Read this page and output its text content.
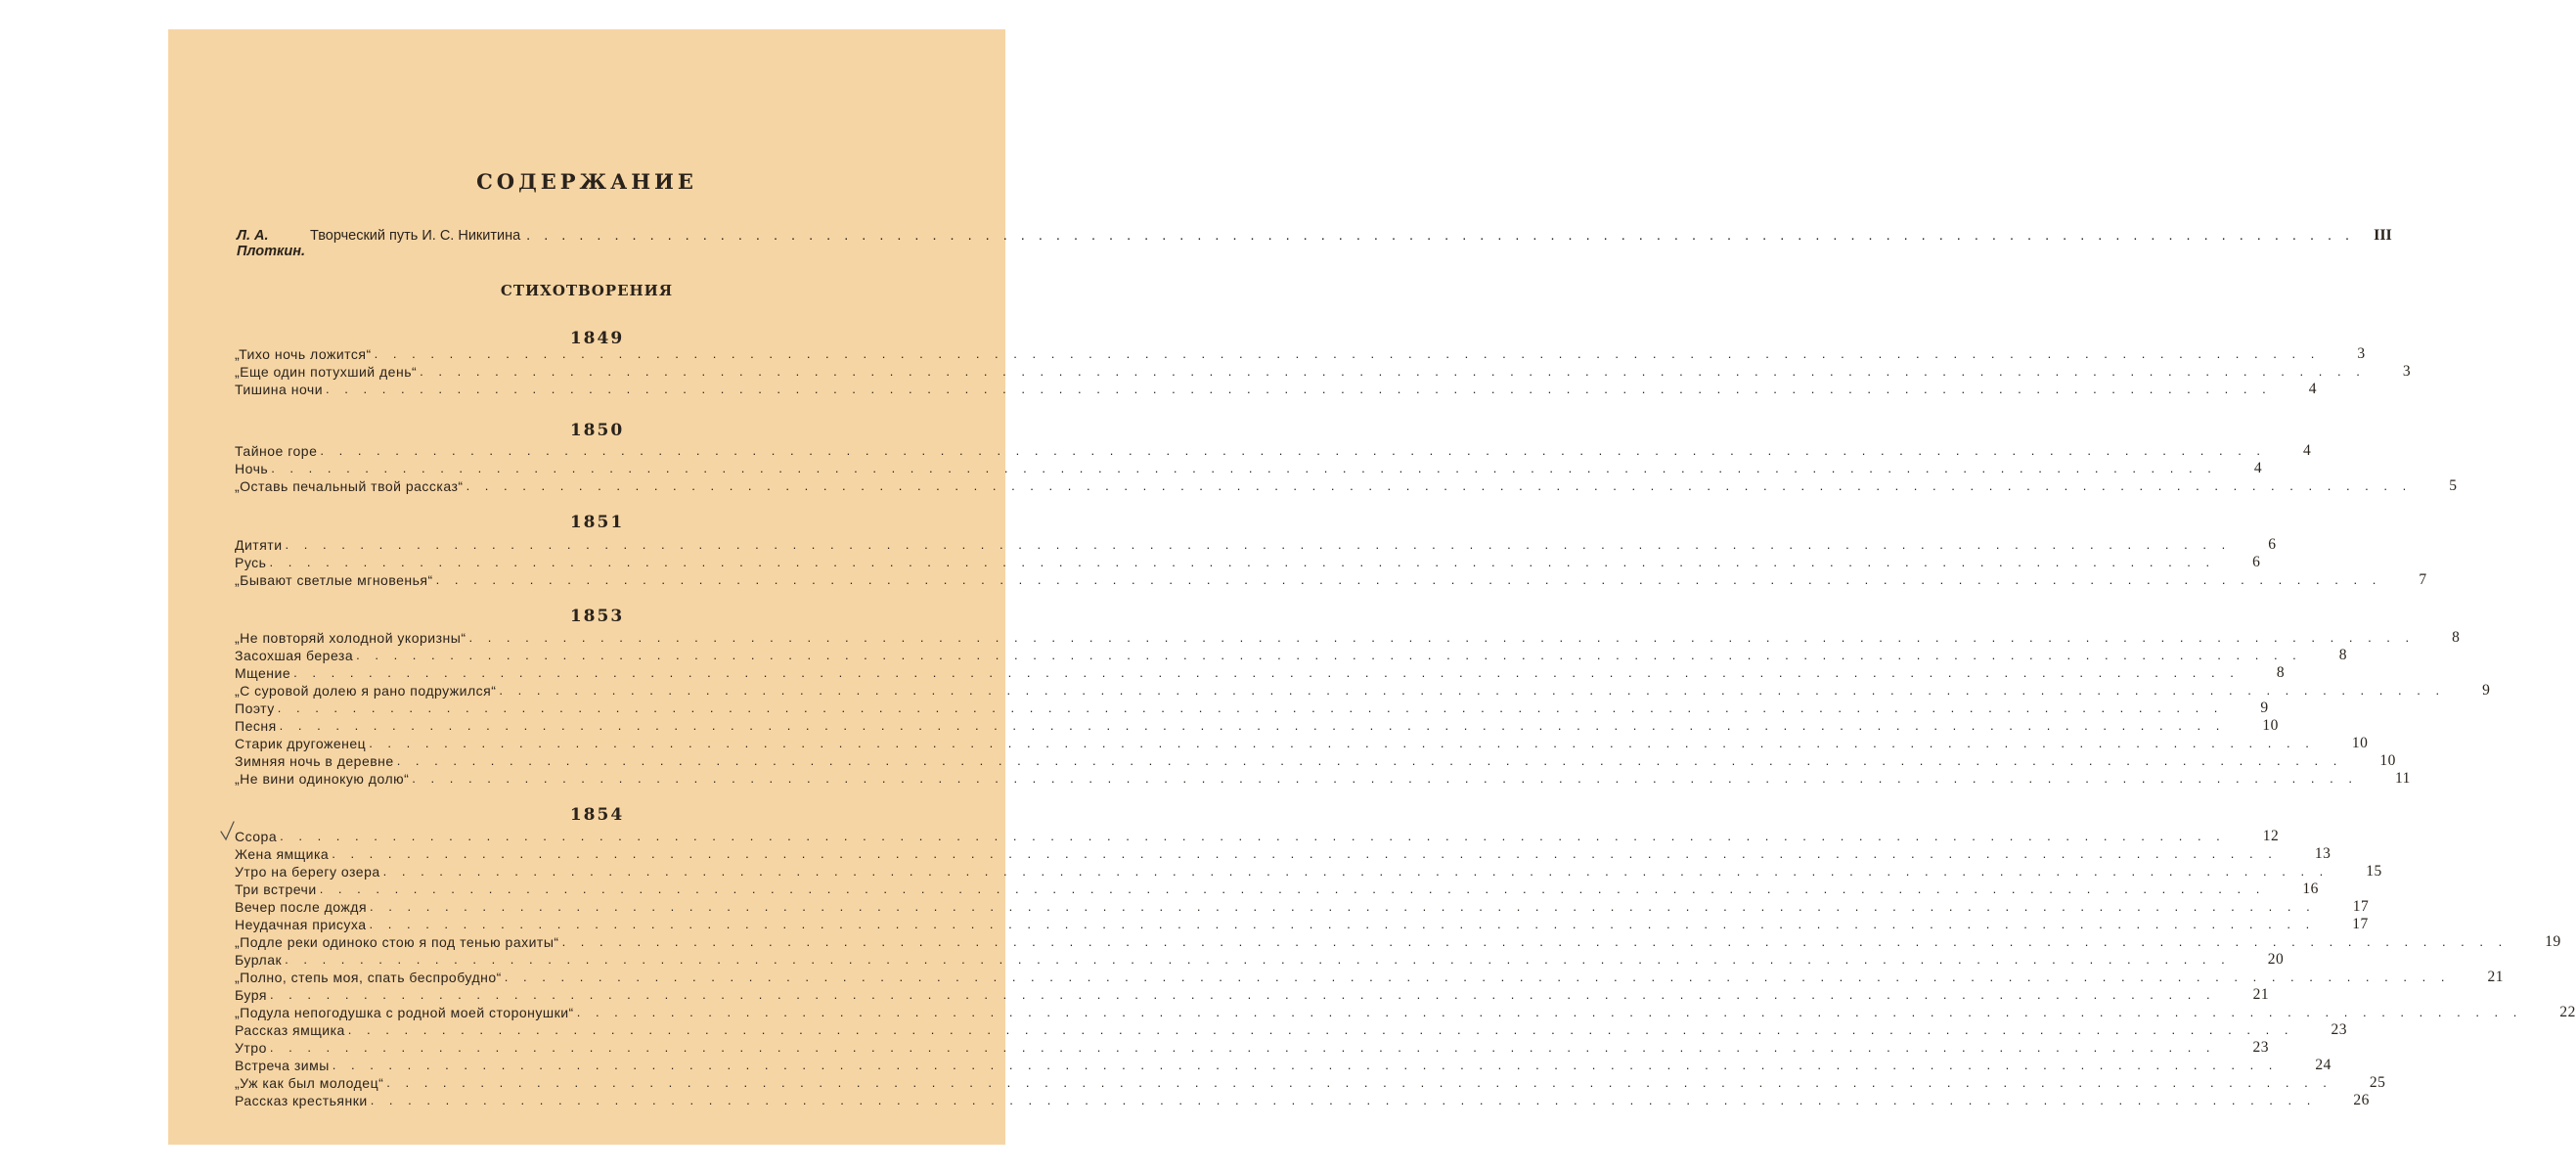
СОДЕРЖАНИЕ
Л. А. Плоткин.
Творческий путь И. С. Никитина . . . . . . . . . . . . . . . . . . . . . . . . . . . . . . . . . . . . . . . . . . . . . . . . . . . . . . . . . . . . . . . . . . . . . . . . . . . . . . . . . . . . . . . . . . . . . . . . . . . . . . . . III
СТИХОТВОРЕНИЯ
1849
„Тихо ночь ложится“ . . . . . . . . . . . . . . . . . . . . . . . . . . . . . . . . . . . . . . . . . . . . . . . . . . . . . . . . . . . . . . . . . . . . . . . . . . . . . . . . . . . . . . . . . . . . . . . . . . . . . . . . 3
„Еще один потухший день“ . . . . . . . . . . . . . . . . . . . . . . . . . . . . . . . . . . . . . . . . . . . . . . . . . . . . . . . . . . . . . . . . . . . . . . . . . . . . . . . . . . . . . . . . . . . . . . . . . . . . . . . . 3
Тишина ночи . . . . . . . . . . . . . . . . . . . . . . . . . . . . . . . . . . . . . . . . . . . . . . . . . . . . . . . . . . . . . . . . . . . . . . . . . . . . . . . . . . . . . . . . . . . . . . . . . . . . . . . . 4
1850
Тайное горе . . . . . . . . . . . . . . . . . . . . . . . . . . . . . . . . . . . . . . . . . . . . . . . . . . . . . . . . . . . . . . . . . . . . . . . . . . . . . . . . . . . . . . . . . . . . . . . . . . . . . . . . 4
Ночь . . . . . . . . . . . . . . . . . . . . . . . . . . . . . . . . . . . . . . . . . . . . . . . . . . . . . . . . . . . . . . . . . . . . . . . . . . . . . . . . . . . . . . . . . . . . . . . . . . . . . . . . 4
„Оставь печальный твой рассказ“ . . . . . . . . . . . . . . . . . . . . . . . . . . . . . . . . . . . . . . . . . . . . . . . . . . . . . . . . . . . . . . . . . . . . . . . . . . . . . . . . . . . . . . . . . . . . . . . . . . . . . . . . 5
1851
Дитяти . . . . . . . . . . . . . . . . . . . . . . . . . . . . . . . . . . . . . . . . . . . . . . . . . . . . . . . . . . . . . . . . . . . . . . . . . . . . . . . . . . . . . . . . . . . . . . . . . . . . . . . . 6
Русь . . . . . . . . . . . . . . . . . . . . . . . . . . . . . . . . . . . . . . . . . . . . . . . . . . . . . . . . . . . . . . . . . . . . . . . . . . . . . . . . . . . . . . . . . . . . . . . . . . . . . . . . 6
„Бывают светлые мгновенья“ . . . . . . . . . . . . . . . . . . . . . . . . . . . . . . . . . . . . . . . . . . . . . . . . . . . . . . . . . . . . . . . . . . . . . . . . . . . . . . . . . . . . . . . . . . . . . . . . . . . . . . . . 7
1853
„Не повторяй холодной укоризны“ . . . . . . . . . . . . . . . . . . . . . . . . . . . . . . . . . . . . . . . . . . . . . . . . . . . . . . . . . . . . . . . . . . . . . . . . . . . . . . . . . . . . . . . . . . . . . . . . . . . . . . . . 8
Засохшая береза . . . . . . . . . . . . . . . . . . . . . . . . . . . . . . . . . . . . . . . . . . . . . . . . . . . . . . . . . . . . . . . . . . . . . . . . . . . . . . . . . . . . . . . . . . . . . . . . . . . . . . . . 8
Мщение . . . . . . . . . . . . . . . . . . . . . . . . . . . . . . . . . . . . . . . . . . . . . . . . . . . . . . . . . . . . . . . . . . . . . . . . . . . . . . . . . . . . . . . . . . . . . . . . . . . . . . . . 8
„С суровой долею я рано подружился“ . . . . . . . . . . . . . . . . . . . . . . . . . . . . . . . . . . . . . . . . . . . . . . . . . . . . . . . . . . . . . . . . . . . . . . . . . . . . . . . . . . . . . . . . . . . . . . . . . . . . . . . . 9
Поэту . . . . . . . . . . . . . . . . . . . . . . . . . . . . . . . . . . . . . . . . . . . . . . . . . . . . . . . . . . . . . . . . . . . . . . . . . . . . . . . . . . . . . . . . . . . . . . . . . . . . . . . . 9
Песня . . . . . . . . . . . . . . . . . . . . . . . . . . . . . . . . . . . . . . . . . . . . . . . . . . . . . . . . . . . . . . . . . . . . . . . . . . . . . . . . . . . . . . . . . . . . . . . . . . . . . . . . 10
Старик другоженец . . . . . . . . . . . . . . . . . . . . . . . . . . . . . . . . . . . . . . . . . . . . . . . . . . . . . . . . . . . . . . . . . . . . . . . . . . . . . . . . . . . . . . . . . . . . . . . . . . . . . . . . 10
Зимняя ночь в деревне . . . . . . . . . . . . . . . . . . . . . . . . . . . . . . . . . . . . . . . . . . . . . . . . . . . . . . . . . . . . . . . . . . . . . . . . . . . . . . . . . . . . . . . . . . . . . . . . . . . . . . . . 10
„Не вини одинокую долю“ . . . . . . . . . . . . . . . . . . . . . . . . . . . . . . . . . . . . . . . . . . . . . . . . . . . . . . . . . . . . . . . . . . . . . . . . . . . . . . . . . . . . . . . . . . . . . . . . . . . . . . . . 11
1854
Ссора . . . . . . . . . . . . . . . . . . . . . . . . . . . . . . . . . . . . . . . . . . . . . . . . . . . . . . . . . . . . . . . . . . . . . . . . . . . . . . . . . . . . . . . . . . . . . . . . . . . . . . . . 12
Жена ямщика . . . . . . . . . . . . . . . . . . . . . . . . . . . . . . . . . . . . . . . . . . . . . . . . . . . . . . . . . . . . . . . . . . . . . . . . . . . . . . . . . . . . . . . . . . . . . . . . . . . . . . . . 13
Утро на берегу озера . . . . . . . . . . . . . . . . . . . . . . . . . . . . . . . . . . . . . . . . . . . . . . . . . . . . . . . . . . . . . . . . . . . . . . . . . . . . . . . . . . . . . . . . . . . . . . . . . . . . . . . . 15
Три встречи . . . . . . . . . . . . . . . . . . . . . . . . . . . . . . . . . . . . . . . . . . . . . . . . . . . . . . . . . . . . . . . . . . . . . . . . . . . . . . . . . . . . . . . . . . . . . . . . . . . . . . . . 16
Вечер после дождя . . . . . . . . . . . . . . . . . . . . . . . . . . . . . . . . . . . . . . . . . . . . . . . . . . . . . . . . . . . . . . . . . . . . . . . . . . . . . . . . . . . . . . . . . . . . . . . . . . . . . . . . 17
Неудачная присуха . . . . . . . . . . . . . . . . . . . . . . . . . . . . . . . . . . . . . . . . . . . . . . . . . . . . . . . . . . . . . . . . . . . . . . . . . . . . . . . . . . . . . . . . . . . . . . . . . . . . . . . . 17
„Подле реки одиноко стою я под тенью рахиты“ . . . . . . . . . . . . . . . . . . . . . . . . . . . . . . . . . . . . . . . . . . . . . . . . . . . . . . . . . . . . . . . . . . . . . . . . . . . . . . . . . . . . . . . . . . . . . . . . . . . . . . . . 19
Бурлак . . . . . . . . . . . . . . . . . . . . . . . . . . . . . . . . . . . . . . . . . . . . . . . . . . . . . . . . . . . . . . . . . . . . . . . . . . . . . . . . . . . . . . . . . . . . . . . . . . . . . . . . 20
„Полно, степь моя, спать беспробудно“ . . . . . . . . . . . . . . . . . . . . . . . . . . . . . . . . . . . . . . . . . . . . . . . . . . . . . . . . . . . . . . . . . . . . . . . . . . . . . . . . . . . . . . . . . . . . . . . . . . . . . . . . 21
Буря . . . . . . . . . . . . . . . . . . . . . . . . . . . . . . . . . . . . . . . . . . . . . . . . . . . . . . . . . . . . . . . . . . . . . . . . . . . . . . . . . . . . . . . . . . . . . . . . . . . . . . . . 21
„Подула непогодушка с родной моей сторонушки“ . . . . . . . . . . . . . . . . . . . . . . . . . . . . . . . . . . . . . . . . . . . . . . . . . . . . . . . . . . . . . . . . . . . . . . . . . . . . . . . . . . . . . . . . . . . . . . . . . . . . . . . . 22
Рассказ ямщика . . . . . . . . . . . . . . . . . . . . . . . . . . . . . . . . . . . . . . . . . . . . . . . . . . . . . . . . . . . . . . . . . . . . . . . . . . . . . . . . . . . . . . . . . . . . . . . . . . . . . . . . 23
Утро . . . . . . . . . . . . . . . . . . . . . . . . . . . . . . . . . . . . . . . . . . . . . . . . . . . . . . . . . . . . . . . . . . . . . . . . . . . . . . . . . . . . . . . . . . . . . . . . . . . . . . . . 23
Встреча зимы . . . . . . . . . . . . . . . . . . . . . . . . . . . . . . . . . . . . . . . . . . . . . . . . . . . . . . . . . . . . . . . . . . . . . . . . . . . . . . . . . . . . . . . . . . . . . . . . . . . . . . . . 24
„Уж как был молодец“ . . . . . . . . . . . . . . . . . . . . . . . . . . . . . . . . . . . . . . . . . . . . . . . . . . . . . . . . . . . . . . . . . . . . . . . . . . . . . . . . . . . . . . . . . . . . . . . . . . . . . . . . 25
Рассказ крестьянки . . . . . . . . . . . . . . . . . . . . . . . . . . . . . . . . . . . . . . . . . . . . . . . . . . . . . . . . . . . . . . . . . . . . . . . . . . . . . . . . . . . . . . . . . . . . . . . . . . . . . . . . 26
